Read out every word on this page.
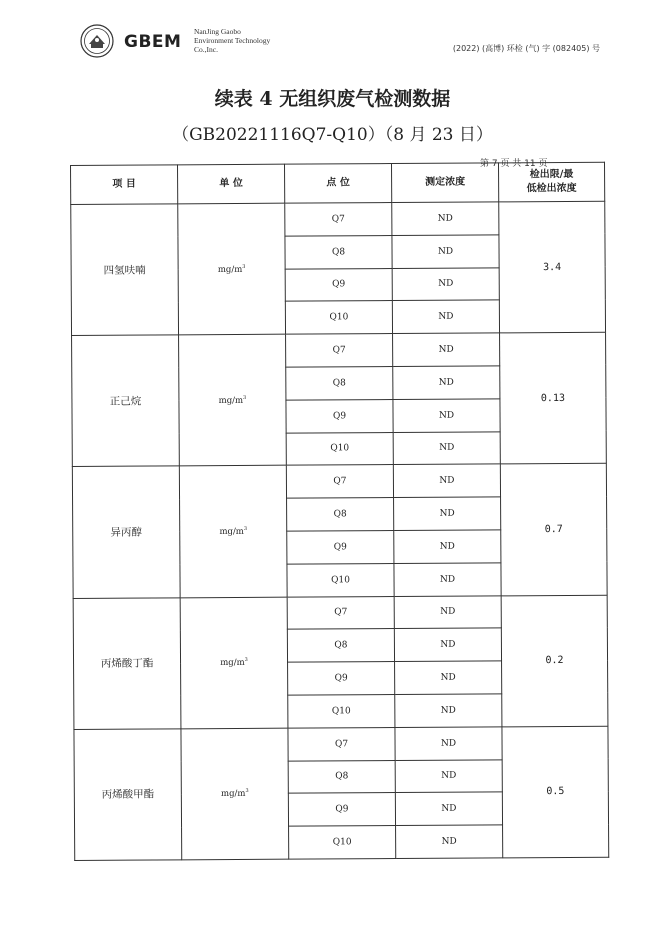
GBEM
NanJing Gaobo
Environment Technology
Co.,Inc.	(2022) (高博) 环检 (气) 字 (082405) 号
续表 4 无组织废气检测数据
（GB20221116Q7-Q10）（8 月 23 日）
第 7 页 共 11 页
项 目	单 位	点 位	测定浓度	检出限/最
低检出浓度

四氢呋喃	$mg/m^3$	Q7	ND	3.4
		Q8	ND	
		Q9	ND	
		Q10	ND	
正己烷	$mg/m^3$	Q7	ND	0.13
		Q8	ND	
		Q9	ND	
		Q10	ND	
异丙醇	$mg/m^3$	Q7	ND	0.7
		Q8	ND	
		Q9	ND	
		Q10	ND	
丙烯酸丁酯	$mg/m^3$	Q7	ND	0.2
		Q8	ND	
		Q9	ND	
		Q10	ND	
丙烯酸甲酯	$mg/m^3$	Q7	ND	0.5
		Q8	ND	
		Q9	ND	
		Q10	ND	
